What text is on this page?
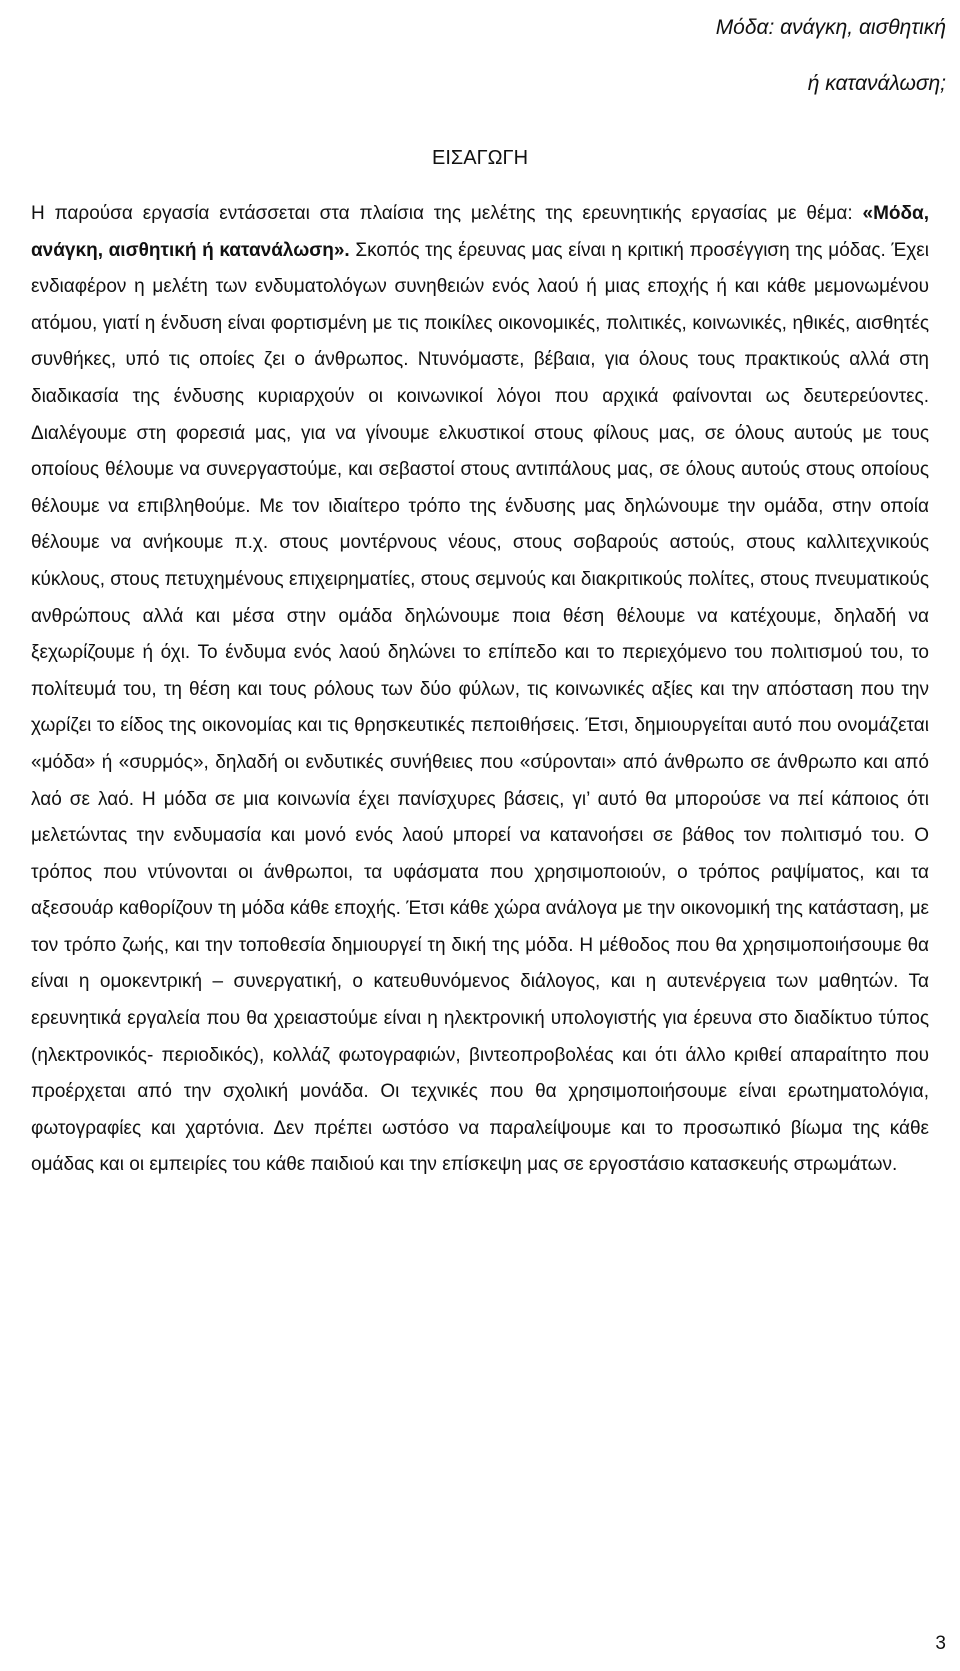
Μόδα: ανάγκη, αισθητική
ή κατανάλωση;
ΕΙΣΑΓΩΓΗ

Η παρούσα εργασία εντάσσεται στα πλαίσια της μελέτης της ερευνητικής εργασίας με θέμα: «Μόδα, ανάγκη, αισθητική ή κατανάλωση». Σκοπός της έρευνας μας είναι η κριτική προσέγγιση της μόδας. Έχει ενδιαφέρον η μελέτη των ενδυματολόγων συνηθειών ενός λαού ή μιας εποχής ή και κάθε μεμονωμένου ατόμου, γιατί η ένδυση είναι φορτισμένη με τις ποικίλες οικονομικές, πολιτικές, κοινωνικές, ηθικές, αισθητές συνθήκες, υπό τις οποίες ζει ο άνθρωπος. Ντυνόμαστε, βέβαια, για όλους τους πρακτικούς αλλά στη διαδικασία της ένδυσης κυριαρχούν οι κοινωνικοί λόγοι που αρχικά φαίνονται ως δευτερεύοντες. Διαλέγουμε στη φορεσιά μας, για να γίνουμε ελκυστικοί στους φίλους μας, σε όλους αυτούς με τους οποίους θέλουμε να συνεργαστούμε, και σεβαστοί στους αντιπάλους μας, σε όλους αυτούς στους οποίους θέλουμε να επιβληθούμε. Με τον ιδιαίτερο τρόπο της ένδυσης μας δηλώνουμε την ομάδα, στην οποία θέλουμε να ανήκουμε π.χ. στους μοντέρνους νέους, στους σοβαρούς αστούς, στους καλλιτεχνικούς κύκλους, στους πετυχημένους επιχειρηματίες, στους σεμνούς και διακριτικούς πολίτες, στους πνευματικούς ανθρώπους αλλά και μέσα στην ομάδα δηλώνουμε ποια θέση θέλουμε να κατέχουμε, δηλαδή να ξεχωρίζουμε ή όχι. Το ένδυμα ενός λαού δηλώνει το επίπεδο και το περιεχόμενο του πολιτισμού του, το πολίτευμά του, τη θέση και τους ρόλους των δύο φύλων, τις κοινωνικές αξίες και την απόσταση που την χωρίζει το είδος της οικονομίας και τις θρησκευτικές πεποιθήσεις. Έτσι, δημιουργείται αυτό που ονομάζεται «μόδα» ή «συρμός», δηλαδή οι ενδυτικές συνήθειες που «σύρονται» από άνθρωπο σε άνθρωπο και από λαό σε λαό. Η μόδα σε μια κοινωνία έχει πανίσχυρες βάσεις, γι’ αυτό θα μπορούσε να πεί κάποιος ότι μελετώντας την ενδυμασία και μονό ενός λαού μπορεί να κατανοήσει σε βάθος τον πολιτισμό του. Ο τρόπος που ντύνονται οι άνθρωποι, τα υφάσματα που χρησιμοποιούν, ο τρόπος ραψίματος, και τα αξεσουάρ καθορίζουν τη μόδα κάθε εποχής. Έτσι κάθε χώρα ανάλογα με την οικονομική της κατάσταση, με τον τρόπο ζωής, και την τοποθεσία δημιουργεί τη δική της μόδα. Η μέθοδος που θα χρησιμοποιήσουμε θα είναι η ομοκεντρική – συνεργατική, ο κατευθυνόμενος διάλογος, και η αυτενέργεια των μαθητών. Τα ερευνητικά εργαλεία που θα χρειαστούμε είναι η ηλεκτρονική υπολογιστής για έρευνα στο διαδίκτυο τύπος (ηλεκτρονικός- περιοδικός), κολλάζ φωτογραφιών, βιντεοπροβολέας και ότι άλλο κριθεί απαραίτητο που προέρχεται από την σχολική μονάδα. Οι τεχνικές που θα χρησιμοποιήσουμε είναι ερωτηματολόγια, φωτογραφίες και χαρτόνια. Δεν πρέπει ωστόσο να παραλείψουμε και το προσωπικό βίωμα της κάθε ομάδας και οι εμπειρίες του κάθε παιδιού και την επίσκεψη μας σε εργοστάσιο κατασκευής στρωμάτων.

3
